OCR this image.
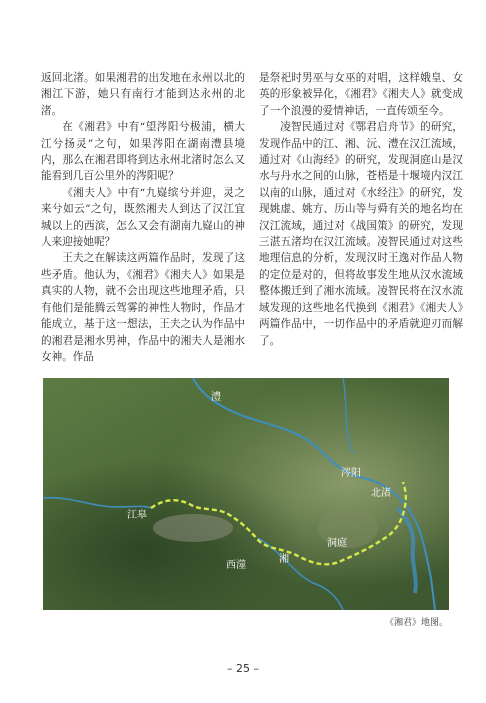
返回北渚。如果湘君的出发地在永州以北的湘江下游，她只有南行才能到达永州的北渚。

在《湘君》中有“望涔阳兮极浦，横大江兮扬灵”之句，如果涔阳在湖南澧县境内，那么在湘君即将到达永州北渚时怎么又能看到几百公里外的涔阳呢？

《湘夫人》中有“九嶷缤兮并迎，灵之来兮如云”之句，既然湘夫人到达了汉江宜城以上的西滨，怎么又会有湖南九嶷山的神人来迎接她呢？

王夫之在解读这两篇作品时，发现了这些矛盾。他认为，《湘君》《湘夫人》如果是真实的人物，就不会出现这些地理矛盾，只有他们是能腾云驾雾的神性人物时，作品才能成立，基于这一想法，王夫之认为作品中的湘君是湘水男神，作品中的湘夫人是湘水女神。作品

是祭祀时男巫与女巫的对唱，这样娥皇、女英的形象被异化，《湘君》《湘夫人》就变成了一个浪漫的爱情神话，一直传颂至今。

凌智民通过对《鄂君启舟节》的研究，发现作品中的江、湘、沅、澧在汉江流域，通过对《山海经》的研究，发现洞庭山是汉水与丹水之间的山脉，苍梧是十堰境内汉江以南的山脉，通过对《水经注》的研究，发现姚虚、姚方、历山等与舜有关的地名均在汉江流域，通过对《战国策》的研究，发现三湛五渚均在汉江流域。凌智民通过对这些地理信息的分析，发现汉时王逸对作品人物的定位是对的，但将故事发生地从汉水流域整体搬迁到了湘水流域。凌智民将在汉水流域发现的这些地名代换到《湘君》《湘夫人》两篇作品中，一切作品中的矛盾就迎刃而解了。

澧
涔阳
北渚
江皋
洞庭
湘
西澨
《湘君》地图。
– 25 –
